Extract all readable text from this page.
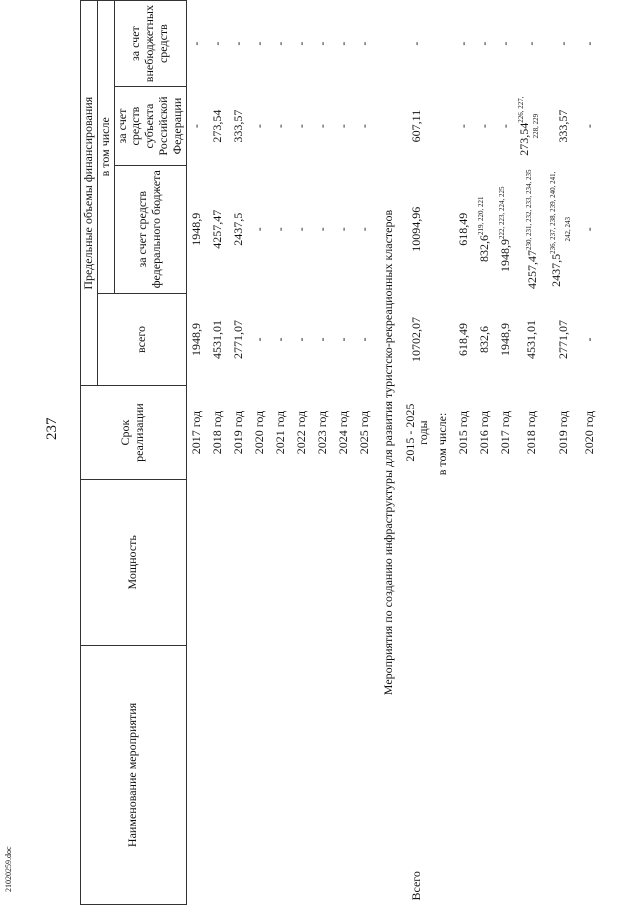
237
21020259.doc
Наименование мероприятия	Мощность	Срок реализации	Предельные объемы финансирования			
			всего	в том числе		
				за счет средств федерального бюджета	за счет средств субъекта Российской Федерации	за счет внебюджетных средств
		2017 год	1948,9	1948,9	-	-
		2018 год	4531,01	4257,47	273,54	-
		2019 год	2771,07	2437,5	333,57	-
		2020 год	-	-	-	-
		2021 год	-	-	-	-
		2022 год	-	-	-	-
		2023 год	-	-	-	-
		2024 год	-	-	-	-
		2025 год	-	-	-	-
Мероприятия по созданию инфраструктуры для развития туристско-рекреационных кластеров						
Всего		2015 - 2025 годы	10702,07	10094,96	607,11	-
		в том числе:				
		2015 год	618,49	618,49	-	-
		2016 год	832,6	832,6$^{219, 220, 221}$	-	-
		2017 год	1948,9	1948,9$^{222, 223, 224, 225}$	-	-
		2018 год	4531,01	4257,47$^{230, 231, 232, 233, 234, 235}$	273,54$^{226, 227, 228, 229}$	-
		2019 год	2771,07	2437,5$^{236, 237, 238, 239, 240, 241, 242, 243}$	333,57	-
		2020 год	-	-	-	-
